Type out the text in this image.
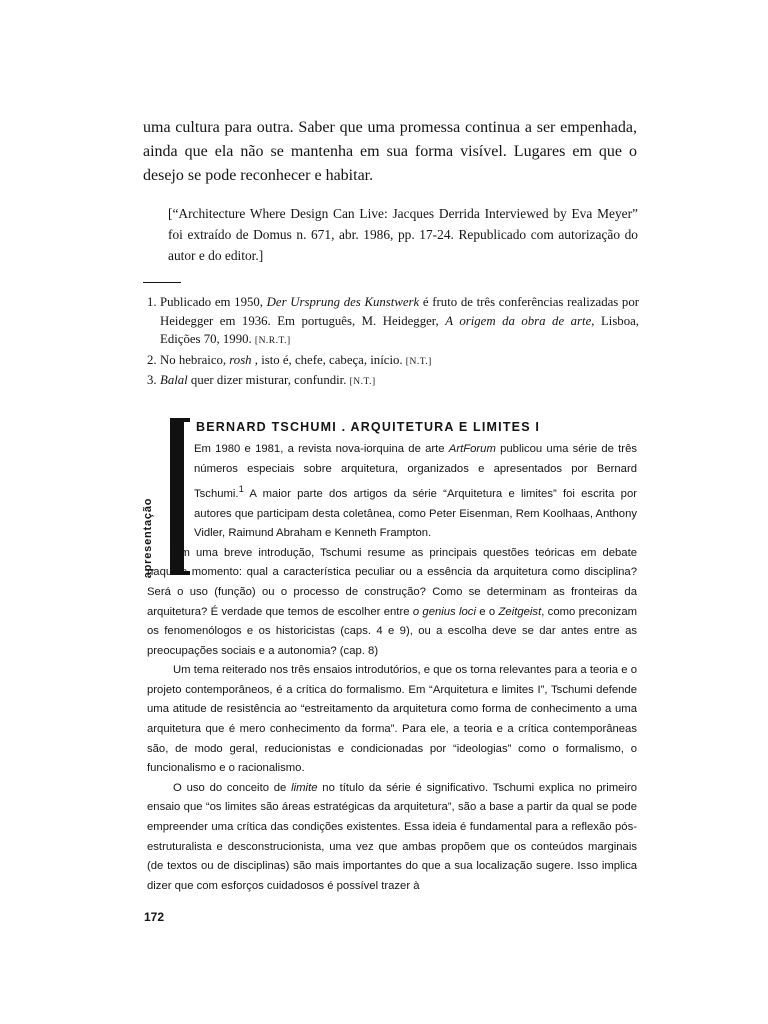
uma cultura para outra. Saber que uma promessa continua a ser empenhada, ainda que ela não se mantenha em sua forma visível. Lugares em que o desejo se pode reconhecer e habitar.

[“Architecture Where Design Can Live: Jacques Derrida Interviewed by Eva Meyer” foi extraído de Domus n. 671, abr. 1986, pp. 17-24. Republicado com autorização do autor e do editor.]
1. Publicado em 1950, Der Ursprung des Kunstwerk é fruto de três conferências realizadas por Heidegger em 1936. Em português, M. Heidegger, A origem da obra de arte, Lisboa, Edições 70, 1990. [N.R.T.]
2. No hebraico, rosh , isto é, chefe, cabeça, início. [N.T.]
3. Balal quer dizer misturar, confundir. [N.T.]
apresentação
BERNARD TSCHUMI . ARQUITETURA E LIMITES I

Em 1980 e 1981, a revista nova-iorquina de arte ArtForum publicou uma série de três números especiais sobre arquitetura, organizados e apresentados por Bernard Tschumi.$^1$ A maior parte dos artigos da série “Arquitetura e limites” foi escrita por autores que participam desta coletânea, como Peter Eisenman, Rem Koolhaas, Anthony Vidler, Raimund Abraham e Kenneth Frampton.

Em uma breve introdução, Tschumi resume as principais questões teóricas em debate naquele momento: qual a característica peculiar ou a essência da arquitetura como disciplina? Será o uso (função) ou o processo de construção? Como se determinam as fronteiras da arquitetura? É verdade que temos de escolher entre o genius loci e o Zeitgeist, como preconizam os fenomenólogos e os historicistas (caps. 4 e 9), ou a escolha deve se dar antes entre as preocupações sociais e a autonomia? (cap. 8)

Um tema reiterado nos três ensaios introdutórios, e que os torna relevantes para a teoria e o projeto contemporâneos, é a crítica do formalismo. Em “Arquitetura e limites I”, Tschumi defende uma atitude de resistência ao “estreitamento da arquitetura como forma de conhecimento a uma arquitetura que é mero conhecimento da forma”. Para ele, a teoria e a crítica contemporâneas são, de modo geral, reducionistas e condicionadas por “ideologias” como o formalismo, o funcionalismo e o racionalismo.

O uso do conceito de limite no título da série é significativo. Tschumi explica no primeiro ensaio que “os limites são áreas estratégicas da arquitetura”, são a base a partir da qual se pode empreender uma crítica das condições existentes. Essa ideia é fundamental para a reflexão pós-estruturalista e desconstrucionista, uma vez que ambas propõem que os conteúdos marginais (de textos ou de disciplinas) são mais importantes do que a sua localização sugere. Isso implica dizer que com esforços cuidadosos é possível trazer à

172
